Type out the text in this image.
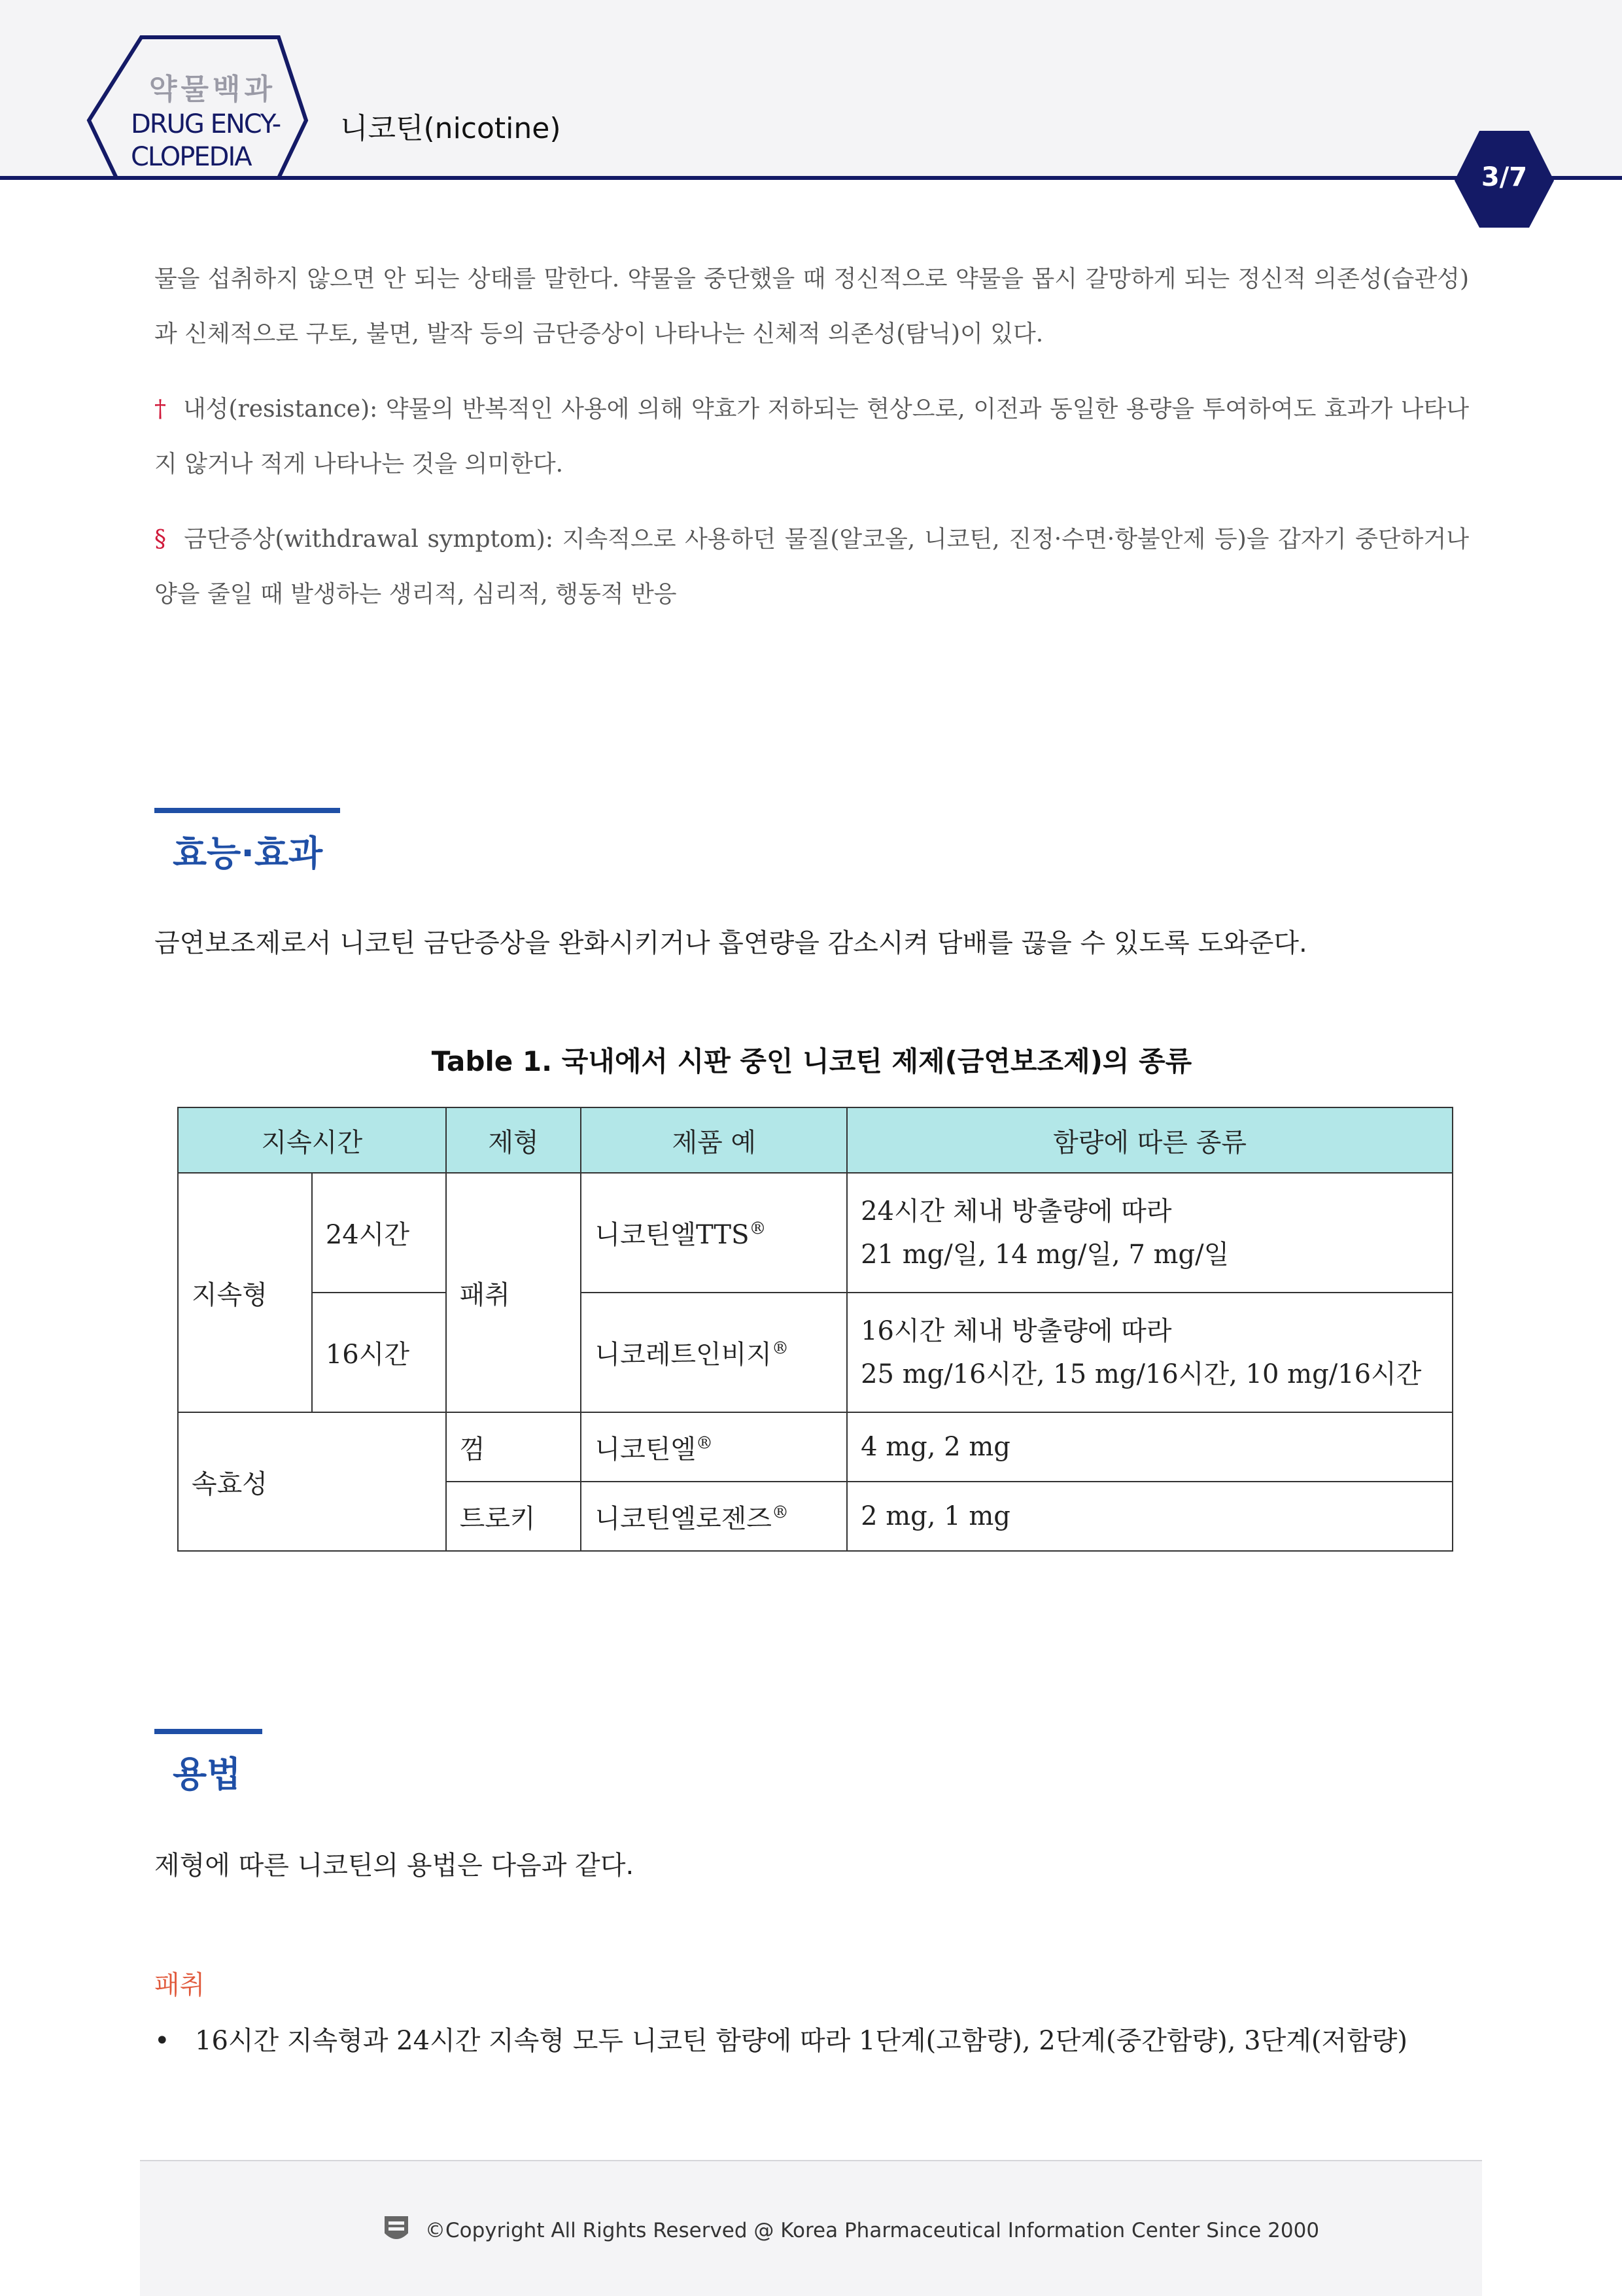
약물백과
DRUG ENCY-
CLOPEDIA
니코틴(nicotine)
3/7
물을 섭취하지 않으면 안 되는 상태를 말한다. 약물을 중단했을 때 정신적으로 약물을 몹시 갈망하게 되는 정신적 의존성(습관성)과 신체적으로 구토, 불면, 발작 등의 금단증상이 나타나는 신체적 의존성(탐닉)이 있다.
† 내성(resistance): 약물의 반복적인 사용에 의해 약효가 저하되는 현상으로, 이전과 동일한 용량을 투여하여도 효과가 나타나지 않거나 적게 나타나는 것을 의미한다.
§ 금단증상(withdrawal symptom): 지속적으로 사용하던 물질(알코올, 니코틴, 진정·수면·항불안제 등)을 갑자기 중단하거나 양을 줄일 때 발생하는 생리적, 심리적, 행동적 반응
효능·효과
금연보조제로서 니코틴 금단증상을 완화시키거나 흡연량을 감소시켜 담배를 끊을 수 있도록 도와준다.
Table 1. 국내에서 시판 중인 니코틴 제제(금연보조제)의 종류
지속시간		제형	제품 예	함량에 따른 종류
지속형	24시간	패취	니코틴엘TTS®	24시간 체내 방출량에 따라
21 mg/일, 14 mg/일, 7 mg/일

	16시간		니코레트인비지®	16시간 체내 방출량에 따라
25 mg/16시간, 15 mg/16시간, 10 mg/16시간

속효성		껌	니코틴엘®	4 mg, 2 mg
		트로키	니코틴엘로젠즈®	2 mg, 1 mg
용법
제형에 따른 니코틴의 용법은 다음과 같다.
패취
• 16시간 지속형과 24시간 지속형 모두 니코틴 함량에 따라 1단계(고함량), 2단계(중간함량), 3단계(저함량)
©Copyright All Rights Reserved @ Korea Pharmaceutical Information Center Since 2000
